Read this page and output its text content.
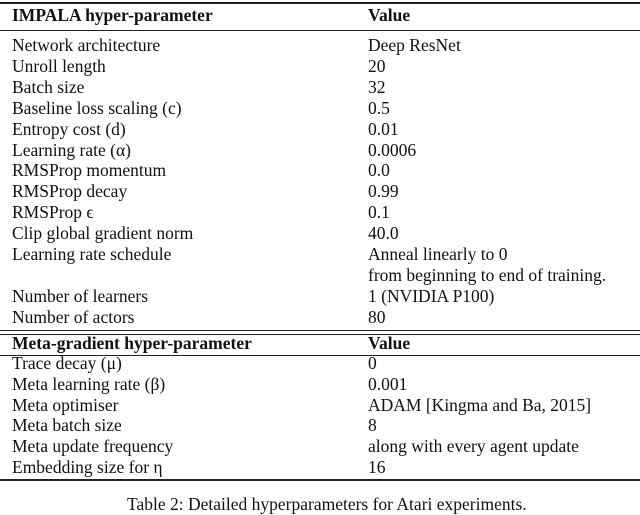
IMPALA hyper-parameter	Value
Network architecture	Deep ResNet
Unroll length	20
Batch size	32
Baseline loss scaling (c)	0.5
Entropy cost (d)	0.01
Learning rate (α)	0.0006
RMSProp momentum	0.0
RMSProp decay	0.99
RMSProp ϵ	0.1
Clip global gradient norm	40.0
Learning rate schedule	Anneal linearly to 0
from beginning to end of training.
Number of learners	1 (NVIDIA P100)
Number of actors	80
Meta-gradient hyper-parameter	Value
Trace decay (μ)	0
Meta learning rate (β)	0.001
Meta optimiser	ADAM [Kingma and Ba, 2015]
Meta batch size	8
Meta update frequency	along with every agent update
Embedding size for η	16
Table 2: Detailed hyperparameters for Atari experiments.
